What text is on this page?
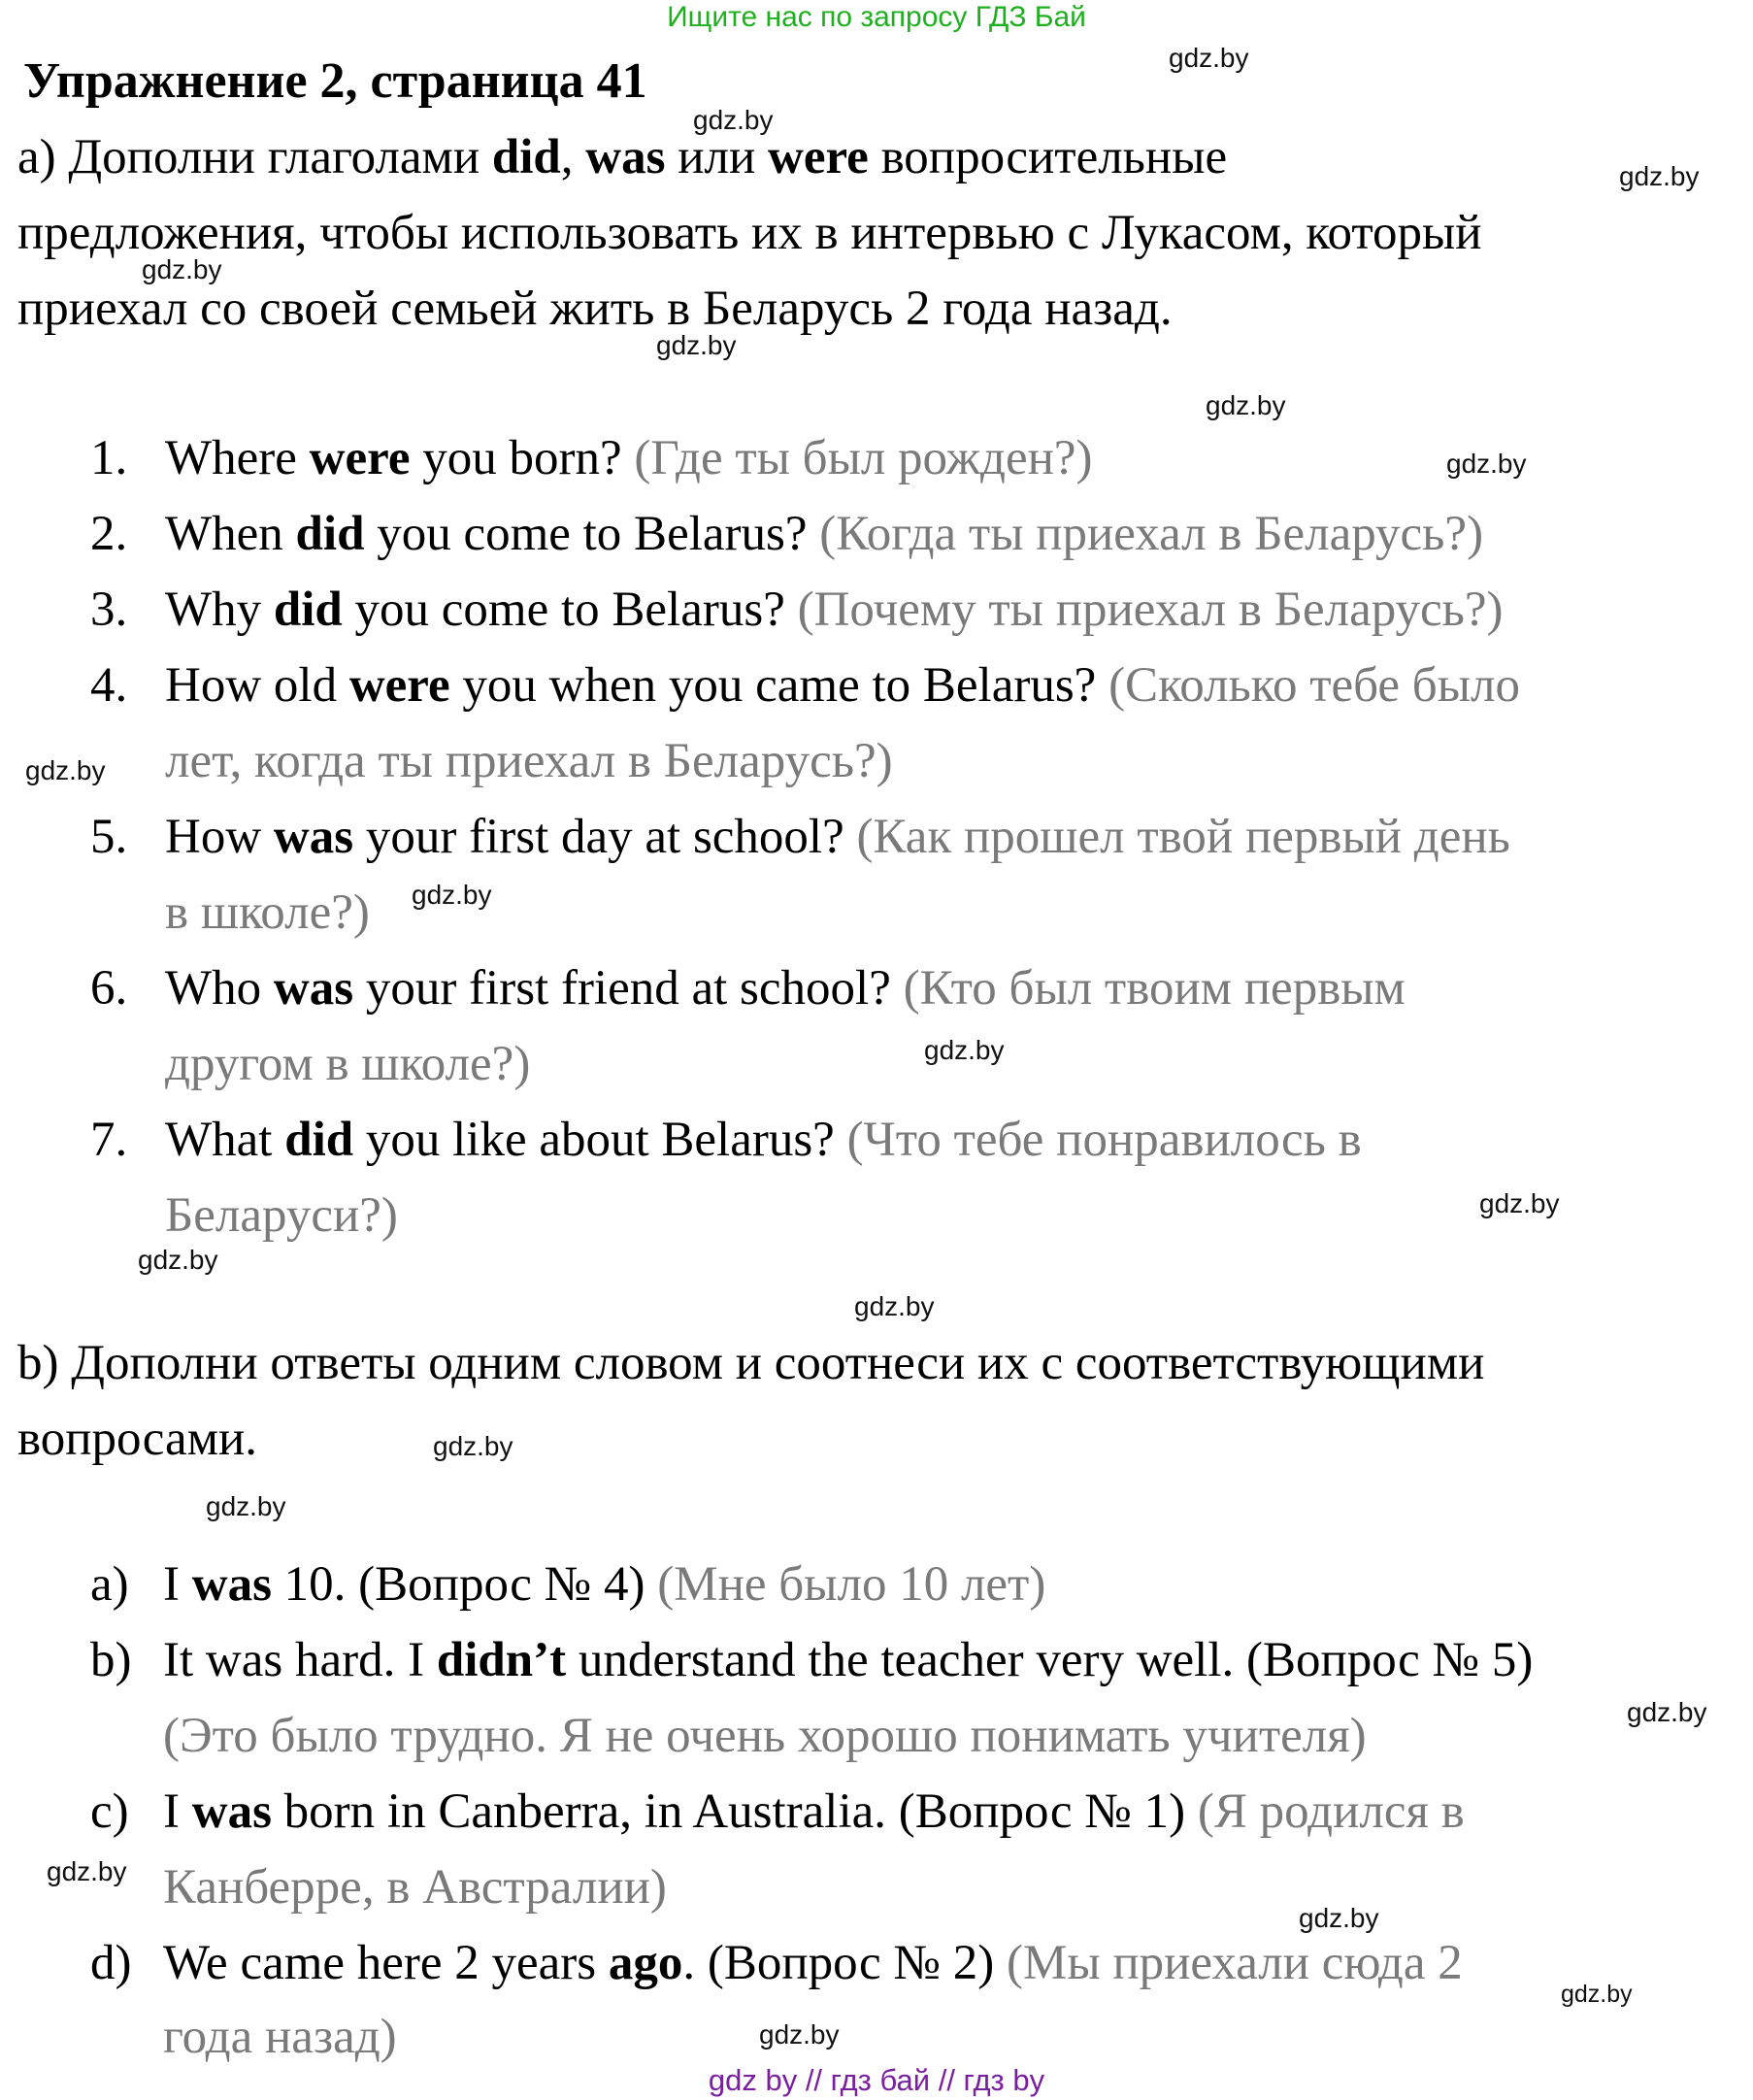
Ищите нас по запросу ГДЗ Бай
Упражнение 2, страница 41
a) Дополни глаголами did, was или were вопросительные
предложения, чтобы использовать их в интервью с Лукасом, который
приехал со своей семьей жить в Беларусь 2 года назад.
1. Where were you born? (Где ты был рожден?)
2. When did you come to Belarus? (Когда ты приехал в Беларусь?)
3. Why did you come to Belarus? (Почему ты приехал в Беларусь?)
4. How old were you when you came to Belarus? (Сколько тебе было
лет, когда ты приехал в Беларусь?)
5. How was your first day at school? (Как прошел твой первый день
в школе?)
6. Who was your first friend at school? (Кто был твоим первым
другом в школе?)
7. What did you like about Belarus? (Что тебе понравилось в
Беларуси?)
b) Дополни ответы одним словом и соотнеси их с соответствующими
вопросами.
a) I was 10. (Вопрос № 4) (Мне было 10 лет)
b) It was hard. I didn’t understand the teacher very well. (Вопрос № 5)
(Это было трудно. Я не очень хорошо понимать учителя)
c) I was born in Canberra, in Australia. (Вопрос № 1) (Я родился в
Канберре, в Австралии)
d) We came here 2 years ago. (Вопрос № 2) (Мы приехали сюда 2
года назад)
gdz.by
gdz.by
gdz.by
gdz.by
gdz.by
gdz.by
gdz.by
gdz.by
gdz.by
gdz.by
gdz.by
gdz.by
gdz.by
gdz.by
gdz.by
gdz.by
gdz.by
gdz.by
gdz.by
gdz.by
gdz by // гдз бай // гдз by
